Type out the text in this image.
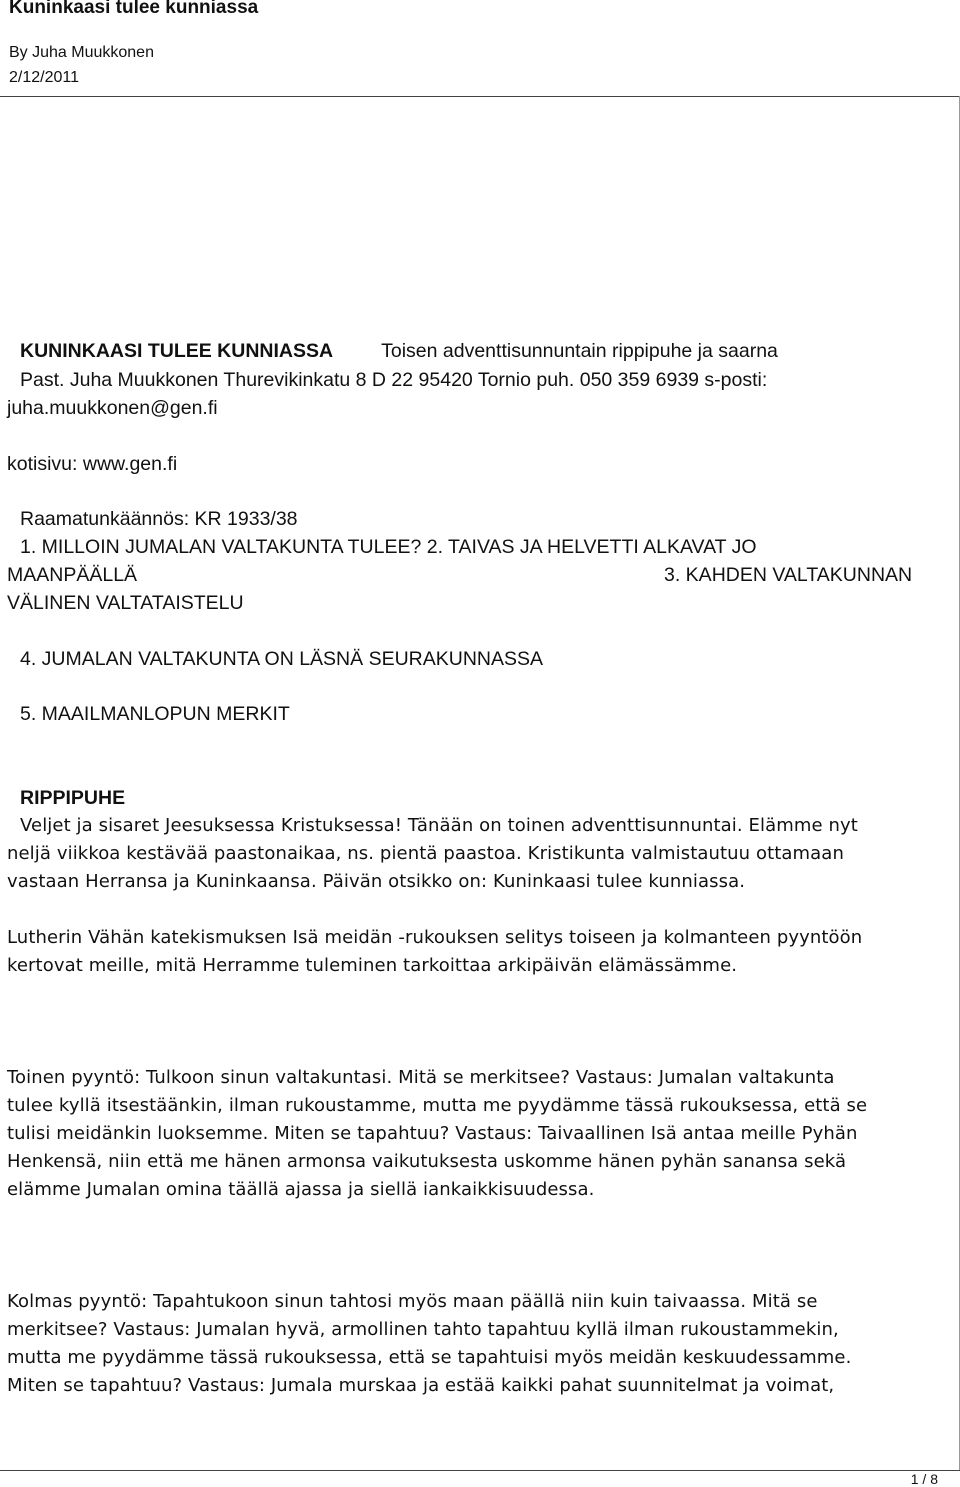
Kuninkaasi tulee kunniassa
By Juha Muukkonen
2/12/2011
KUNINKAASI TULEE KUNNIASSA Toisen adventtisunnuntain rippipuhe ja saarna
Past. Juha Muukkonen Thurevikinkatu 8 D 22 95420 Tornio puh. 050 359 6939 s-posti:
juha.muukkonen@gen.fi
kotisivu: www.gen.fi
Raamatunkäännös: KR 1933/38
1. MILLOIN JUMALAN VALTAKUNTA TULEE? 2. TAIVAS JA HELVETTI ALKAVAT JO
MAANPÄÄLLÄ	3. KAHDEN VALTAKUNNAN
VÄLINEN VALTATAISTELU
4. JUMALAN VALTAKUNTA ON LÄSNÄ SEURAKUNNASSA
5. MAAILMANLOPUN MERKIT
RIPPIPUHE
Veljet ja sisaret Jeesuksessa Kristuksessa! Tänään on toinen adventtisunnuntai. Elämme nyt
neljä viikkoa kestävää paastonaikaa, ns. pientä paastoa. Kristikunta valmistautuu ottamaan
vastaan Herransa ja Kuninkaansa. Päivän otsikko on: Kuninkaasi tulee kunniassa.
Lutherin Vähän katekismuksen Isä meidän -rukouksen selitys toiseen ja kolmanteen pyyntöön
kertovat meille, mitä Herramme tuleminen tarkoittaa arkipäivän elämässämme.
Toinen pyyntö: Tulkoon sinun valtakuntasi. Mitä se merkitsee? Vastaus: Jumalan valtakunta
tulee kyllä itsestäänkin, ilman rukoustamme, mutta me pyydämme tässä rukouksessa, että se
tulisi meidänkin luoksemme. Miten se tapahtuu? Vastaus: Taivaallinen Isä antaa meille Pyhän
Henkensä, niin että me hänen armonsa vaikutuksesta uskomme hänen pyhän sanansa sekä
elämme Jumalan omina täällä ajassa ja siellä iankaikkisuudessa.
Kolmas pyyntö: Tapahtukoon sinun tahtosi myös maan päällä niin kuin taivaassa. Mitä se
merkitsee? Vastaus: Jumalan hyvä, armollinen tahto tapahtuu kyllä ilman rukoustammekin,
mutta me pyydämme tässä rukouksessa, että se tapahtuisi myös meidän keskuudessamme.
Miten se tapahtuu? Vastaus: Jumala murskaa ja estää kaikki pahat suunnitelmat ja voimat,
1 / 8
